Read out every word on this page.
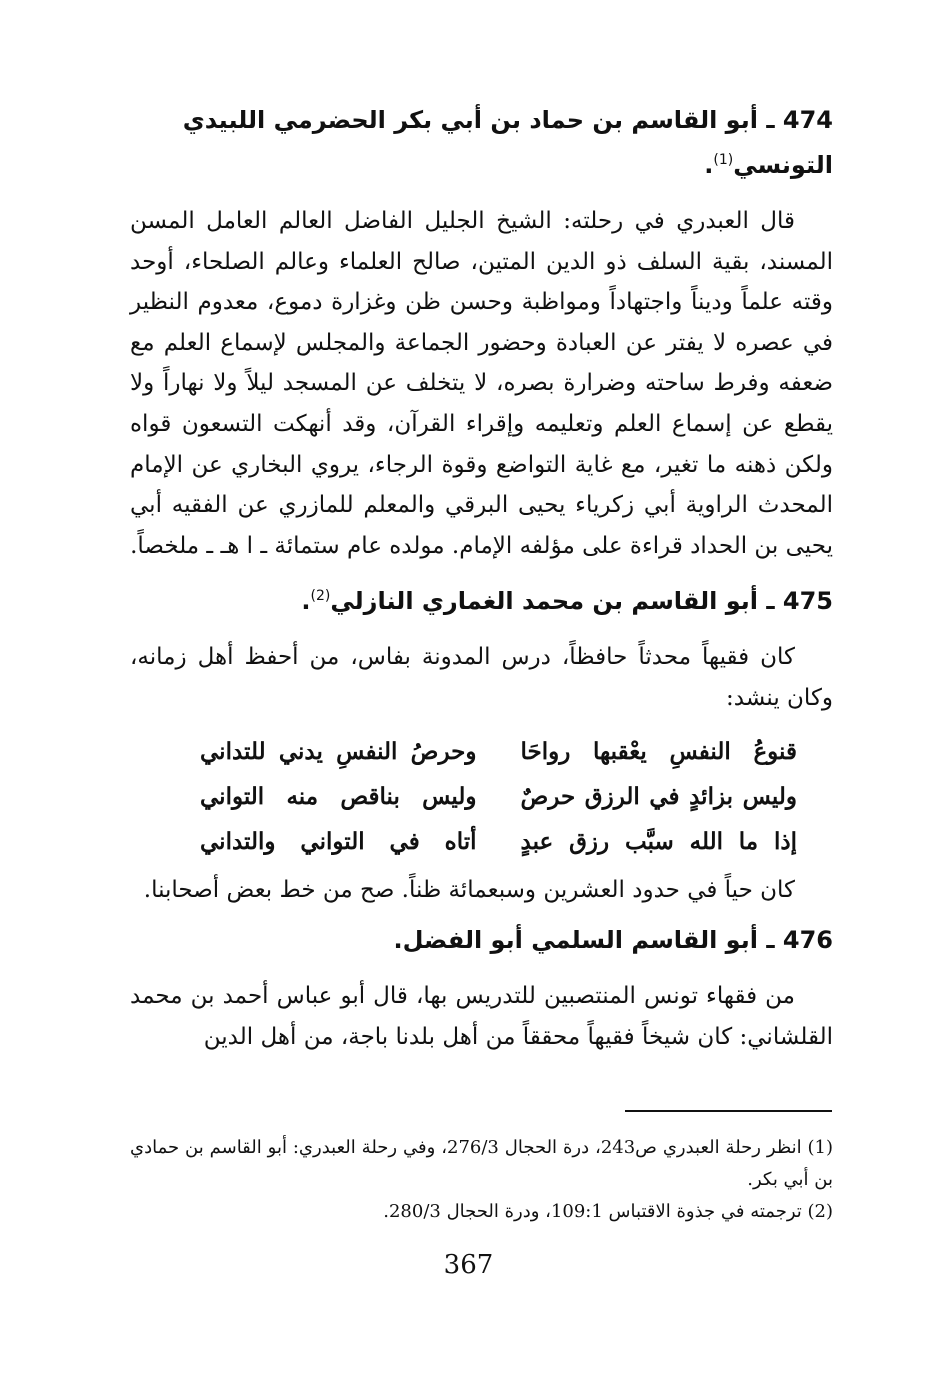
474 ـ أبو القاسم بن حماد بن أبي بكر الحضرمي اللبيدي التونسي$^{(1)}$.

قال العبدري في رحلته: الشيخ الجليل الفاضل العالم العامل المسن المسند، بقية السلف ذو الدين المتين، صالح العلماء وعالم الصلحاء، أوحد وقته علماً وديناً واجتهاداً ومواظبة وحسن ظن وغزارة دموع، معدوم النظير في عصره لا يفتر عن العبادة وحضور الجماعة والمجلس لإسماع العلم مع ضعفه وفرط ساحته وضرارة بصره، لا يتخلف عن المسجد ليلاً ولا نهاراً ولا يقطع عن إسماع العلم وتعليمه وإقراء القرآن، وقد أنهكت التسعون قواه ولكن ذهنه ما تغير، مع غاية التواضع وقوة الرجاء، يروي البخاري عن الإمام المحدث الراوية أبي زكرياء يحيى البرقي والمعلم للمازري عن الفقيه أبي يحيى بن الحداد قراءة على مؤلفه الإمام. مولده عام ستمائة ـ ا هـ ـ ملخصاً.

475 ـ أبو القاسم بن محمد الغماري النازلي$^{(2)}$.

كان فقيهاً محدثاً حافظاً، درس المدونة بفاس، من أحفظ أهل زمانه، وكان ينشد:

قنوعُ النفسِ يعْقبها رواحَا
وحرصُ النفسِ يدني للتداني
وليس بزائدٍ في الرزق حرصٌ
وليس بناقص منه التواني
إذا ما الله سبَّب رزق عبدٍ
أتاه في التواني والتداني

كان حياً في حدود العشرين وسبعمائة ظناً. صح من خط بعض أصحابنا.

476 ـ أبو القاسم السلمي أبو الفضل.

من فقهاء تونس المنتصبين للتدريس بها، قال أبو عباس أحمد بن محمد القلشاني: كان شيخاً فقيهاً محققاً من أهل بلدنا باجة، من أهل الدين

(1) انظر رحلة العبدري ص243، درة الحجال 276/3، وفي رحلة العبدري: أبو القاسم بن حمادي بن أبي بكر.

(2) ترجمته في جذوة الاقتباس 109:1، ودرة الحجال 280/3.

367
